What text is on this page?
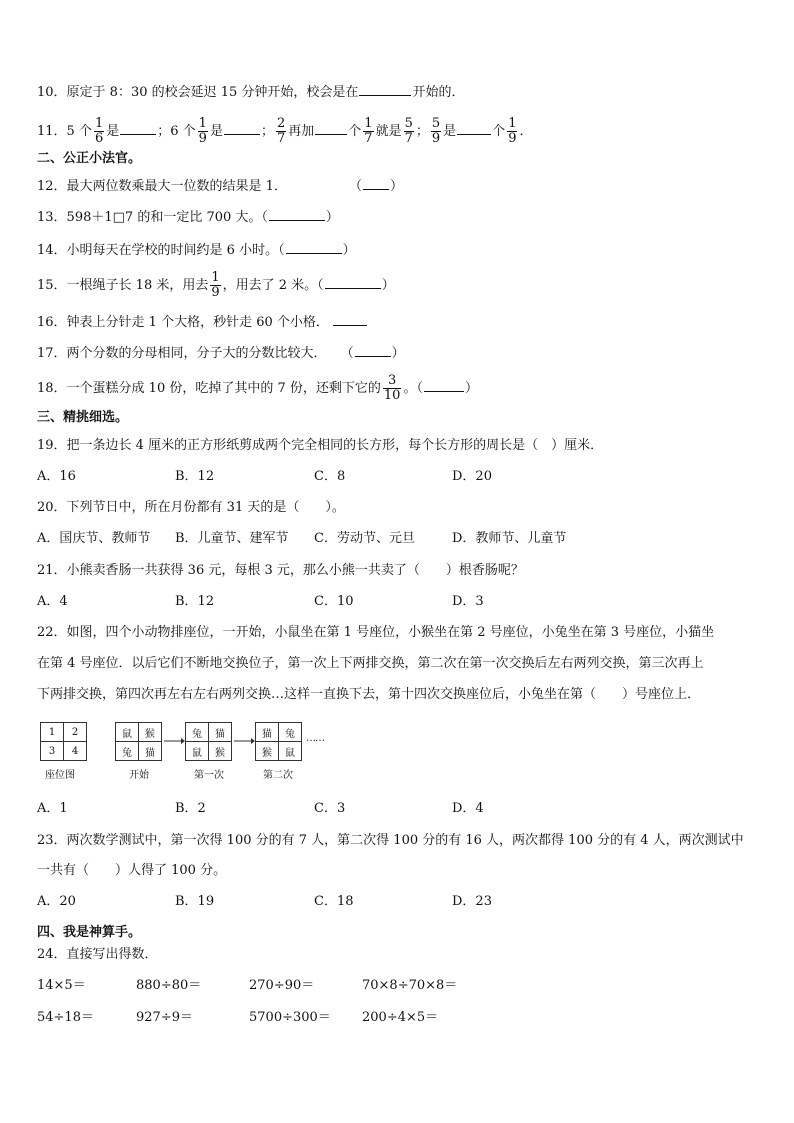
10．原定于 8：30 的校会延迟 15 分钟开始，校会是在	开始的．
11．5 个 $\frac{1}{6}$ 是	；6 个 $\frac{1}{9}$ 是	； $\frac{2}{7}$ 再加	个 $\frac{1}{7}$ 就是 $\frac{5}{7}$ ； $\frac{5}{9}$ 是	个 $\frac{1}{9}$ ．
二、公正小法官。
12．最大两位数乘最大一位数的结果是 1．	（ ）
13．598＋1□7 的和一定比 700 大。（	）
14．小明每天在学校的时间约是 6 小时。（	）
15．一根绳子长 18 米，用去 $\frac{1}{9}$ ，用去了 2 米。（	）
16．钟表上分针走 1 个大格，秒针走 60 个小格．
17．两个分数的分母相同，分子大的分数比较大． （	）
18．一个蛋糕分成 10 份，吃掉了其中的 7 份，还剩下它的 $\frac{3}{10}$ 。（	）
三、精挑细选。
19．把一条边长 4 厘米的正方形纸剪成两个完全相同的长方形，每个长方形的周长是（　）厘米．
A．16	B．12	C．8	D．20
20．下列节日中，所在月份都有 31 天的是（　　）。
A．国庆节、教师节 B．儿童节、建军节 C．劳动节、元旦	D．教师节、儿童节
21．小熊卖香肠一共获得 36 元，每根 3 元，那么小熊一共卖了（　　）根香肠呢？
A．4	B．12	C．10	D．3
22．如图，四个小动物排座位，一开始，小鼠坐在第 1 号座位，小猴坐在第 2 号座位，小兔坐在第 3 号座位，小猫坐
在第 4 号座位．以后它们不断地交换位子，第一次上下两排交换，第二次在第一次交换后左右两列交换，第三次再上
下两排交换，第四次再左右左右两列交换…这样一直换下去，第十四次交换座位后，小兔坐在第（　　）号座位上．
1	2
3	4
座位图
鼠	猴
兔	猫
开始
兔	猫
鼠	猴
第一次
猫	兔
猴	鼠
第二次
……
A．1	B．2	C．3	D．4
23．两次数学测试中，第一次得 100 分的有 7 人，第二次得 100 分的有 16 人，两次都得 100 分的有 4 人，两次测试中
一共有（　　）人得了 100 分。
A．20	B．19	C．18	D．23
四、我是神算手。
24．直接写出得数．
14×5＝	880÷80＝	270÷90＝	70×8÷70×8＝
54÷18＝	927÷9＝	5700÷300＝ 200÷4×5＝
